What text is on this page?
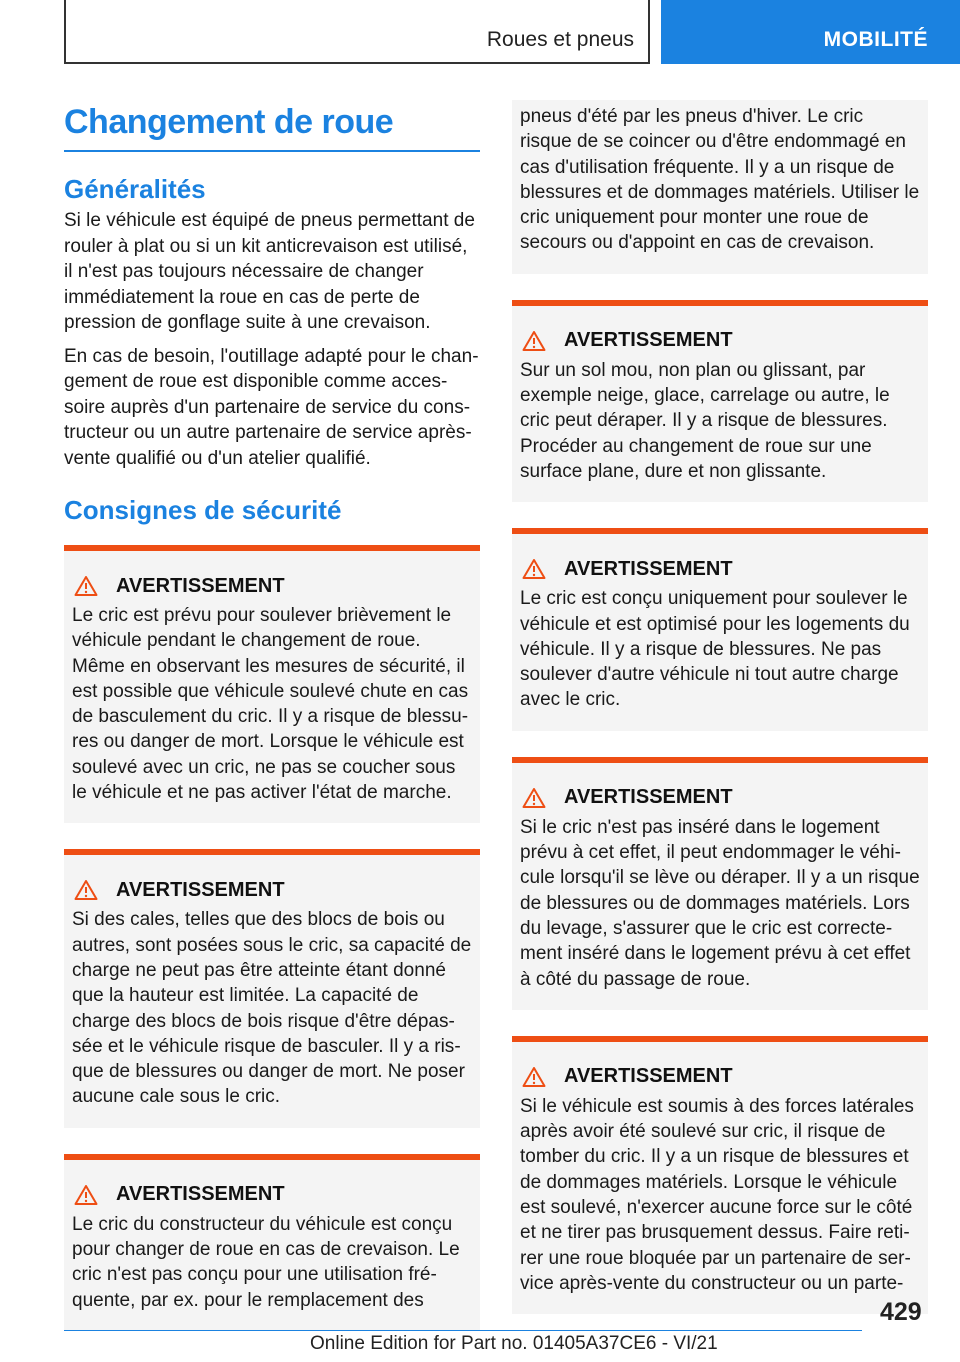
Roues et pneus	MOBILITÉ
Changement de roue
Généralités

Si le véhicule est équipé de pneus permettant de rouler à plat ou si un kit anticrevaison est utilisé, il n'est pas toujours nécessaire de changer immédiatement la roue en cas de perte de pression de gonflage suite à une crevaison.

En cas de besoin, l'outillage adapté pour le changement de roue est disponible comme accessoire auprès d'un partenaire de service du constructeur ou un autre partenaire de service après-vente qualifié ou d'un atelier qualifié.

Consignes de sécurité
AVERTISSEMENT

Le cric est prévu pour soulever brièvement le véhicule pendant le changement de roue. Même en observant les mesures de sécurité, il est possible que véhicule soulevé chute en cas de basculement du cric. Il y a risque de blessures ou danger de mort. Lorsque le véhicule est soulevé avec un cric, ne pas se coucher sous le véhicule et ne pas activer l'état de marche.

AVERTISSEMENT

Si des cales, telles que des blocs de bois ou autres, sont posées sous le cric, sa capacité de charge ne peut pas être atteinte étant donné que la hauteur est limitée. La capacité de charge des blocs de bois risque d'être dépassée et le véhicule risque de basculer. Il y a risque de blessures ou danger de mort. Ne poser aucune cale sous le cric.

AVERTISSEMENT

Le cric du constructeur du véhicule est conçu pour changer de roue en cas de crevaison. Le cric n'est pas conçu pour une utilisation fréquente, par ex. pour le remplacement des

pneus d'été par les pneus d'hiver. Le cric risque de se coincer ou d'être endommagé en cas d'utilisation fréquente. Il y a un risque de blessures et de dommages matériels. Utiliser le cric uniquement pour monter une roue de secours ou d'appoint en cas de crevaison.

AVERTISSEMENT

Sur un sol mou, non plan ou glissant, par exemple neige, glace, carrelage ou autre, le cric peut déraper. Il y a risque de blessures. Procéder au changement de roue sur une surface plane, dure et non glissante.

AVERTISSEMENT

Le cric est conçu uniquement pour soulever le véhicule et est optimisé pour les logements du véhicule. Il y a risque de blessures. Ne pas soulever d'autre véhicule ni tout autre charge avec le cric.

AVERTISSEMENT

Si le cric n'est pas inséré dans le logement prévu à cet effet, il peut endommager le véhicule lorsqu'il se lève ou déraper. Il y a un risque de blessures ou de dommages matériels. Lors du levage, s'assurer que le cric est correctement inséré dans le logement prévu à cet effet à côté du passage de roue.

AVERTISSEMENT

Si le véhicule est soumis à des forces latérales après avoir été soulevé sur cric, il risque de tomber du cric. Il y a un risque de blessures et de dommages matériels. Lorsque le véhicule est soulevé, n'exercer aucune force sur le côté et ne tirer pas brusquement dessus. Faire retirer une roue bloquée par un partenaire de service après-vente du constructeur ou un parte-

429
Online Edition for Part no. 01405A37CE6 - VI/21
